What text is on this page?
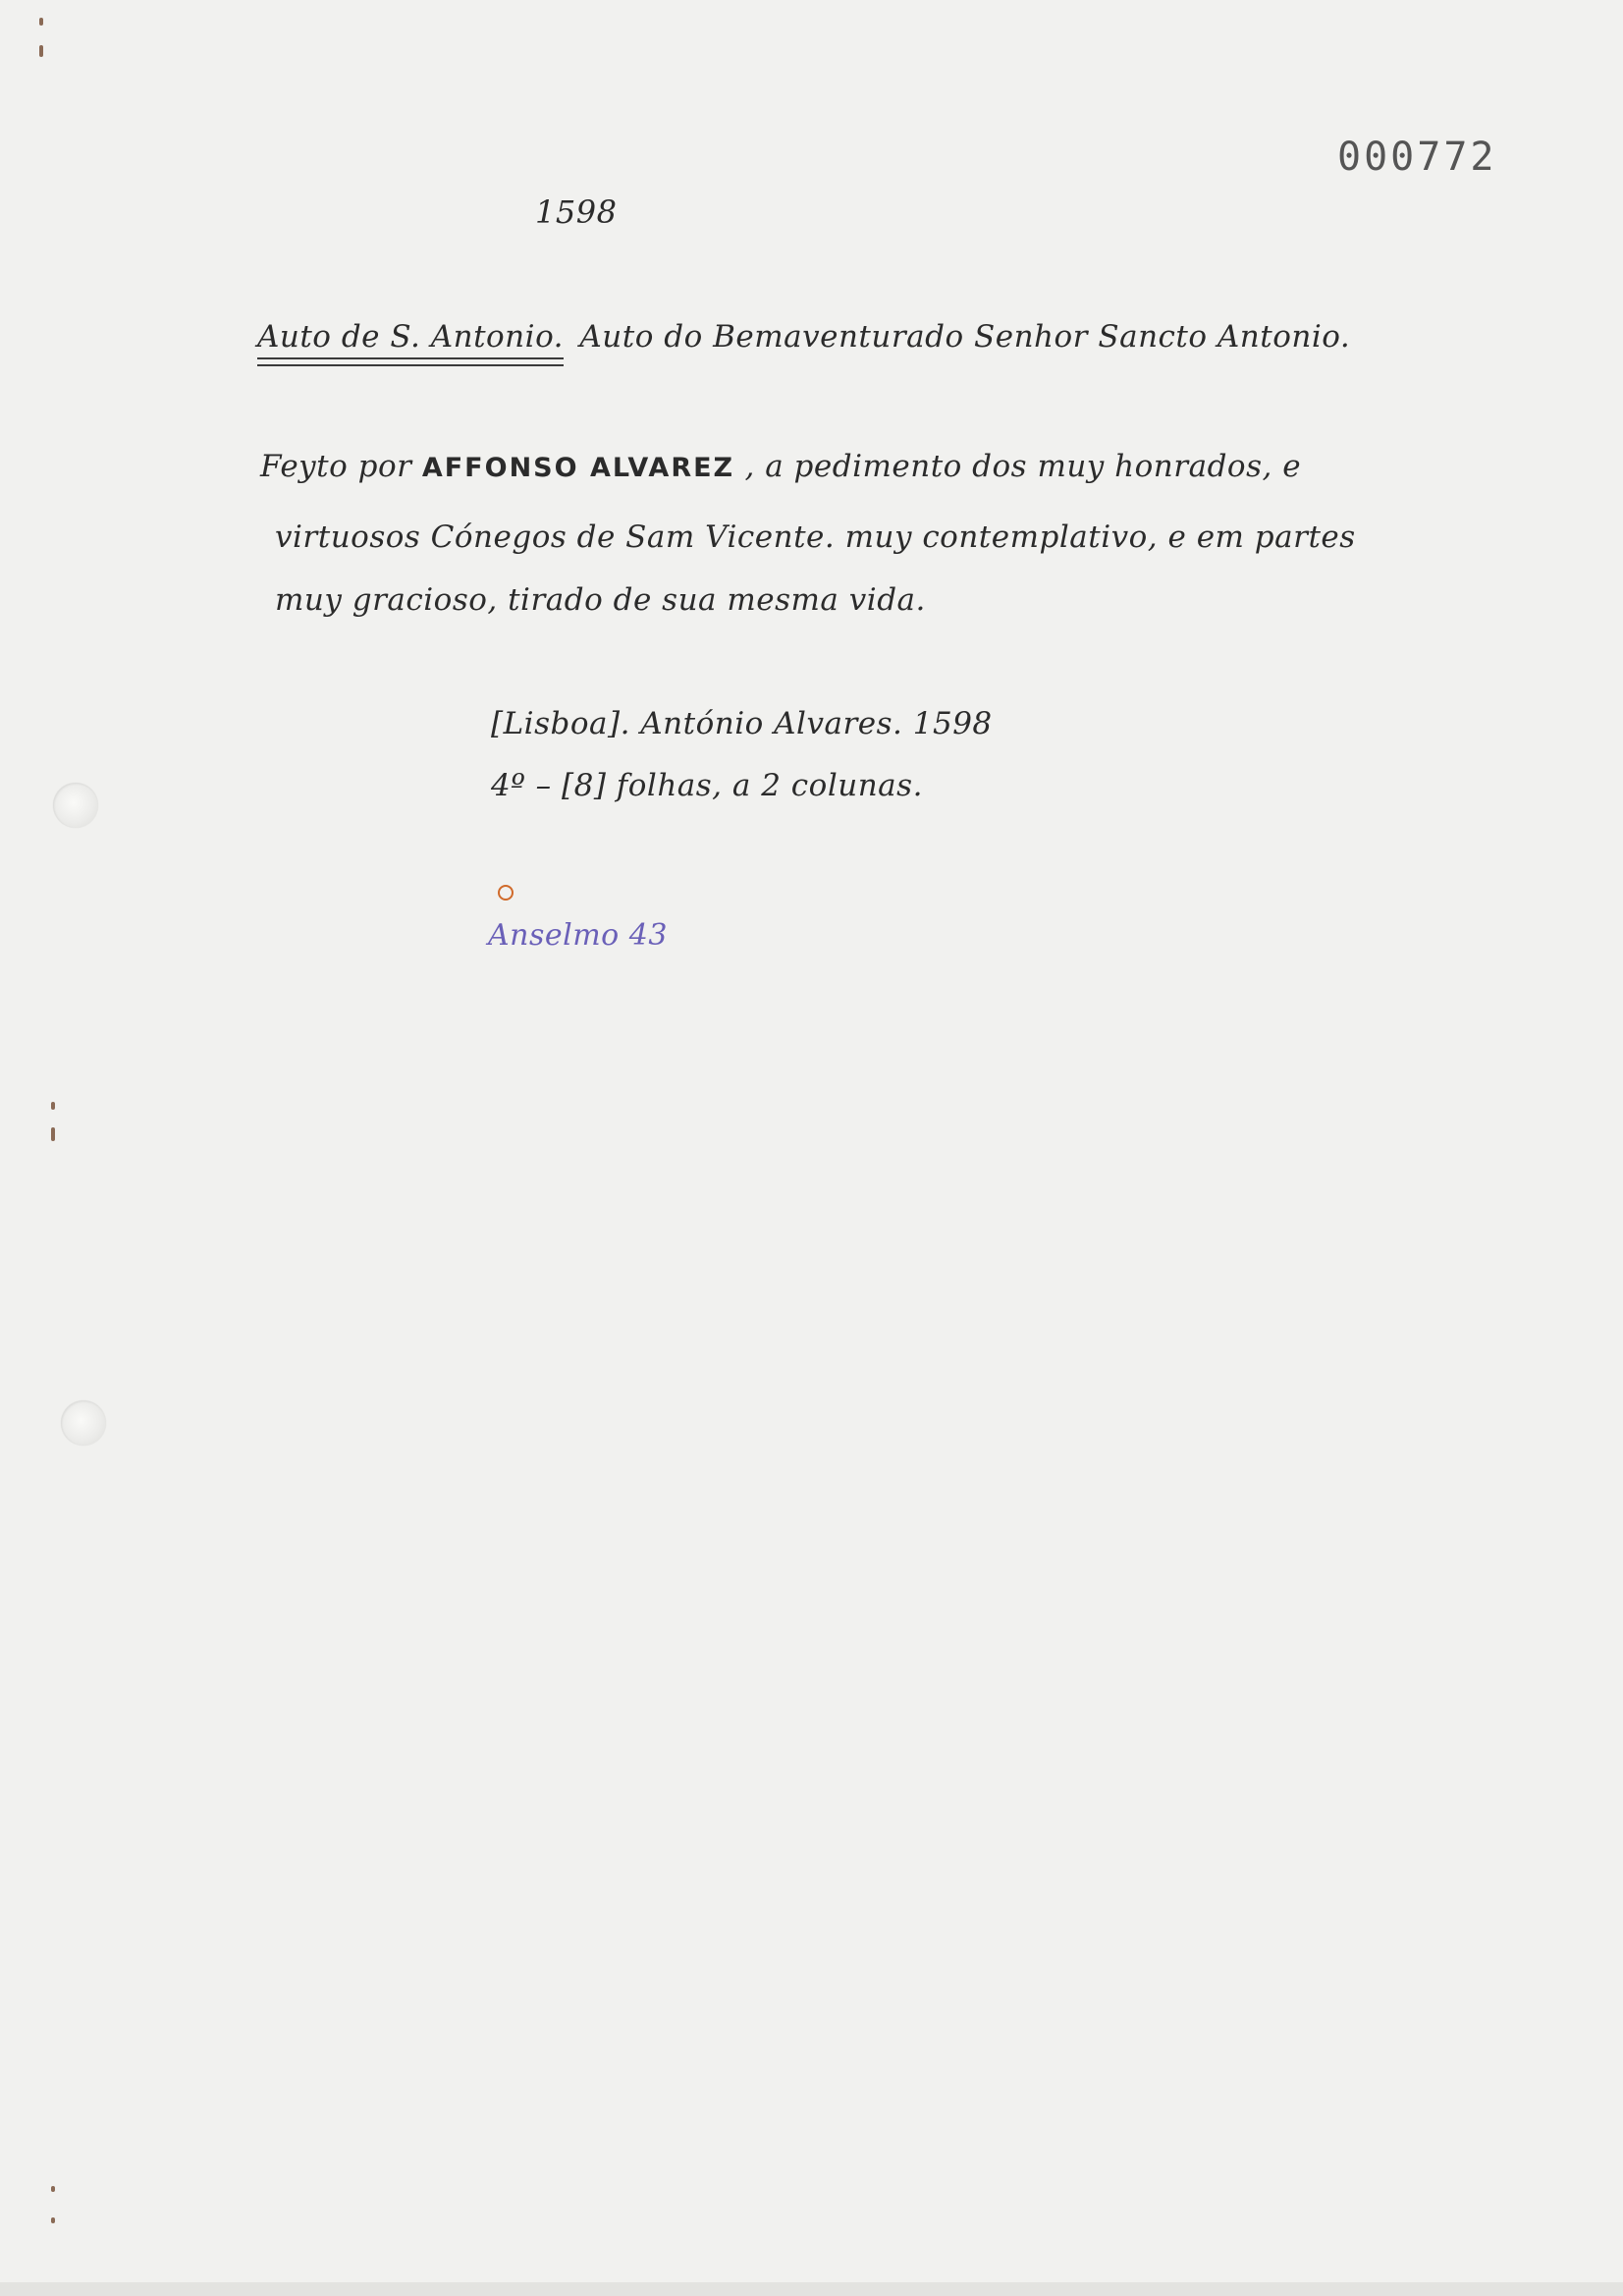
000772
1598
Auto de S. Antonio. Auto do Bemaventurado Senhor Sancto Antonio.
Feyto por AFFONSO ALVAREZ , a pedimento dos muy honrados, e
virtuosos Cónegos de Sam Vicente. muy contemplativo, e em partes
muy gracioso, tirado de sua mesma vida.
[Lisboa]. António Alvares. 1598
4º – [8] folhas, a 2 colunas.
Anselmo 43
